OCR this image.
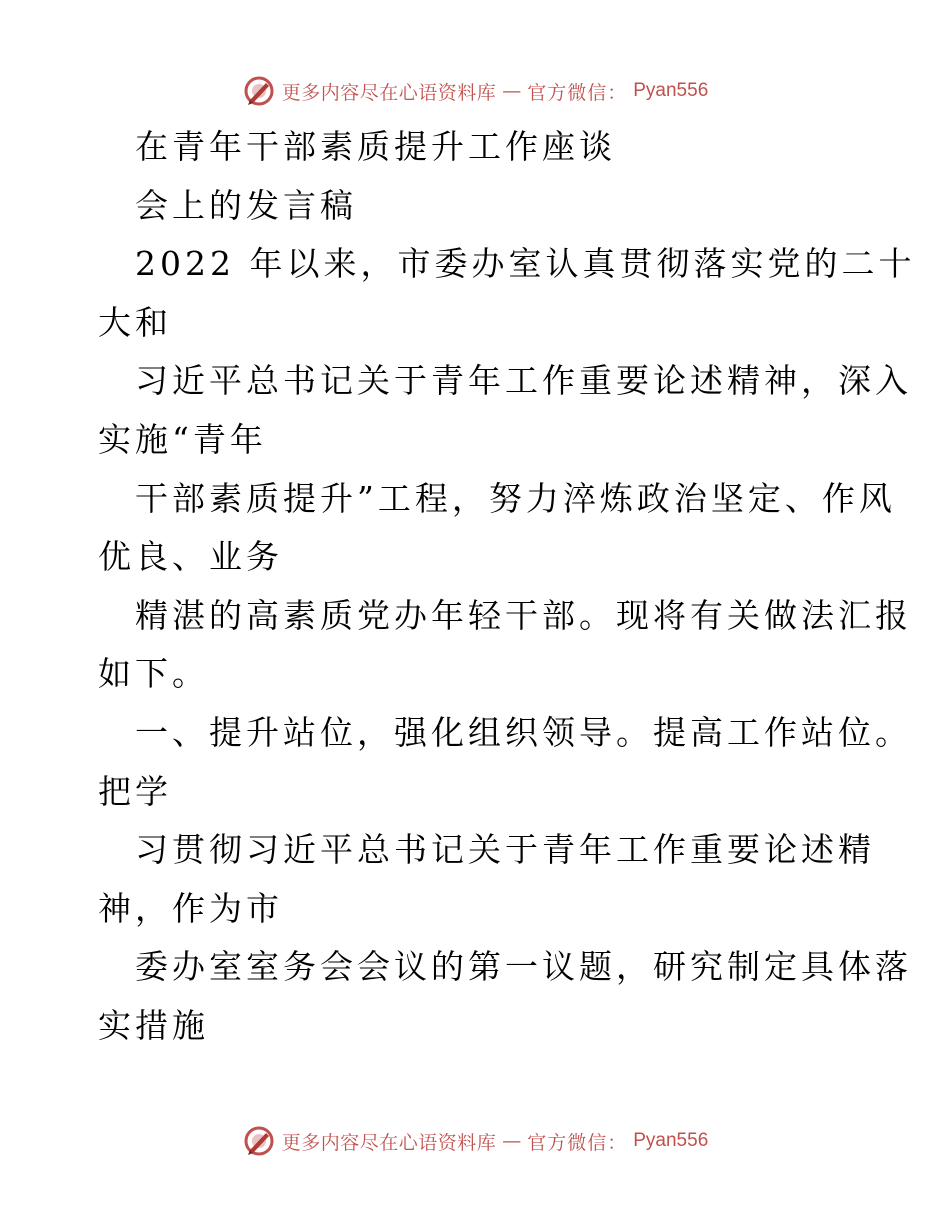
更多内容尽在心语资料库 — 官方微信： Pyan556
在青年干部素质提升工作座谈
会上的发言稿
2022 年以来，市委办室认真贯彻落实党的二十
大和
习近平总书记关于青年工作重要论述精神，深入
实施“青年
干部素质提升”工程，努力淬炼政治坚定、作风
优良、业务
精湛的高素质党办年轻干部。现将有关做法汇报
如下。
一、提升站位，强化组织领导。提高工作站位。
把学
习贯彻习近平总书记关于青年工作重要论述精
神，作为市
委办室室务会会议的第一议题，研究制定具体落
实措施
更多内容尽在心语资料库 — 官方微信： Pyan556
